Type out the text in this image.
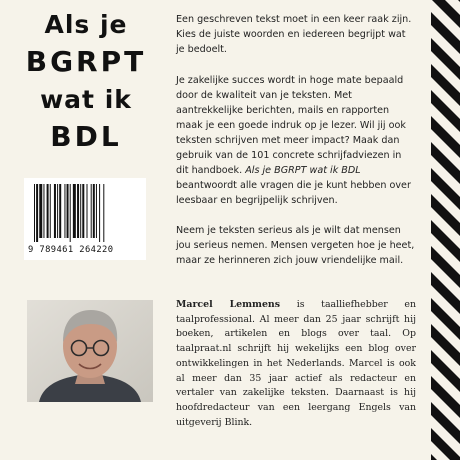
Als je
BGRPT
wat ik
BDL

Een geschreven tekst moet in een keer raak zijn. Kies de juiste woorden en iedereen begrijpt wat je bedoelt.

Je zakelijke succes wordt in hoge mate bepaald door de kwaliteit van je teksten. Met aantrekkelijke berichten, mails en rapporten maak je een goede indruk op je lezer. Wil jij ook teksten schrijven met meer impact? Maak dan gebruik van de 101 concrete schrijfadviezen in dit handboek. Als je BGRPT wat ik BDL beantwoordt alle vragen die je kunt hebben over leesbaar en begrijpelijk schrijven.

Neem je teksten serieus als je wilt dat mensen jou serieus nemen. Mensen vergeten hoe je heet, maar ze herinneren zich jouw vriendelijke mail.

9 789461 264220
Marcel Lemmens is taalliefhebber en taalprofessional. Al meer dan 25 jaar schrijft hij boeken, artikelen en blogs over taal. Op taalpraat.nl schrijft hij wekelijks een blog over ontwikkelingen in het Nederlands. Marcel is ook al meer dan 35 jaar actief als redacteur en vertaler van zakelijke teksten. Daarnaast is hij hoofdredacteur van een leergang Engels van uitgeverij Blink.
